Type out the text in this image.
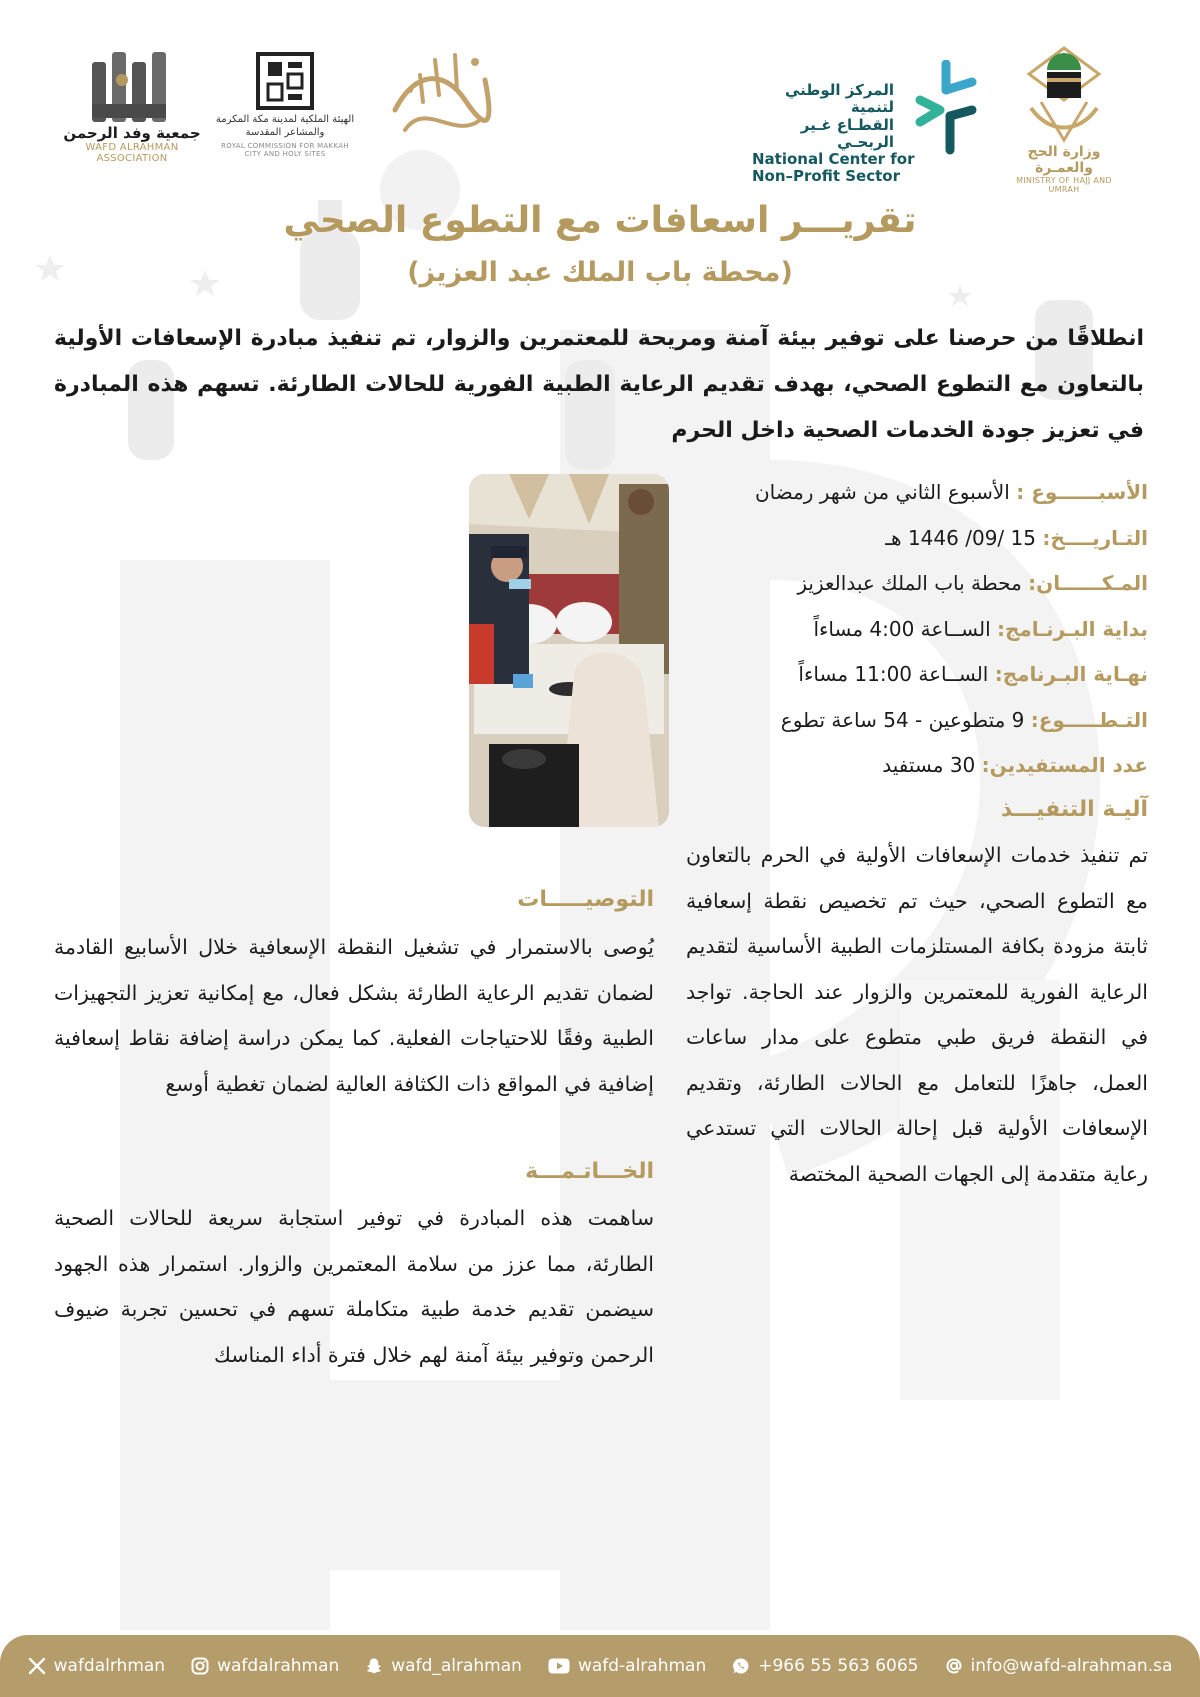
جمعية وفد الرحمن
WAFD ALRAHMAN ASSOCIATION
الهيئة الملكية لمدينة مكة المكرمة والمشاعر المقدسة
ROYAL COMMISSION FOR MAKKAH CITY AND HOLY SITES
المركز الوطني لتنمية
القطـاع غـير الربحـي
National Center for
Non–Profit Sector
وزارة الحج والعمـرة
MINISTRY OF HAJJ AND UMRAH
تقريـــر اسعافات مع التطوع الصحي
(محطة باب الملك عبد العزيز)

انطلاقًا من حرصنا على توفير بيئة آمنة ومريحة للمعتمرين والزوار، تم تنفيذ مبادرة الإسعافات الأولية بالتعاون مع التطوع الصحي، بهدف تقديم الرعاية الطبية الفورية للحالات الطارئة. تسهم هذه المبادرة في تعزيز جودة الخدمات الصحية داخل الحرم

الأسبــــــوع : الأسبوع الثاني من شهر رمضان
التـاريــــخ: 15 /09/ 1446 هـ
المـكــــــان: محطة باب الملك عبدالعزيز
بداية البـرنـامج: الســاعة 4:00 مساءاً
نهـاية البـرنامج: الســاعة 11:00 مساءاً
التـطـــــوع: 9 متطوعين - 54 ساعة تطوع
عدد المستفيدين: 30 مستفيد
آليـة التنفيـــذ

تم تنفيذ خدمات الإسعافات الأولية في الحرم بالتعاون مع التطوع الصحي، حيث تم تخصيص نقطة إسعافية ثابتة مزودة بكافة المستلزمات الطبية الأساسية لتقديم الرعاية الفورية للمعتمرين والزوار عند الحاجة. تواجد في النقطة فريق طبي متطوع على مدار ساعات العمل، جاهزًا للتعامل مع الحالات الطارئة، وتقديم الإسعافات الأولية قبل إحالة الحالات التي تستدعي رعاية متقدمة إلى الجهات الصحية المختصة

التوصيـــــات

يُوصى بالاستمرار في تشغيل النقطة الإسعافية خلال الأسابيع القادمة لضمان تقديم الرعاية الطارئة بشكل فعال، مع إمكانية تعزيز التجهيزات الطبية وفقًا للاحتياجات الفعلية. كما يمكن دراسة إضافة نقاط إسعافية إضافية في المواقع ذات الكثافة العالية لضمان تغطية أوسع

الخـــاتـمـــة

ساهمت هذه المبادرة في توفير استجابة سريعة للحالات الصحية الطارئة، مما عزز من سلامة المعتمرين والزوار. استمرار هذه الجهود سيضمن تقديم خدمة طبية متكاملة تسهم في تحسين تجربة ضيوف الرحمن وتوفير بيئة آمنة لهم خلال فترة أداء المناسك

wafdalrhman	wafdalrahman	wafd_alrahman	wafd-alrahman	+966 55 563 6065	info@wafd-alrahman.sa
